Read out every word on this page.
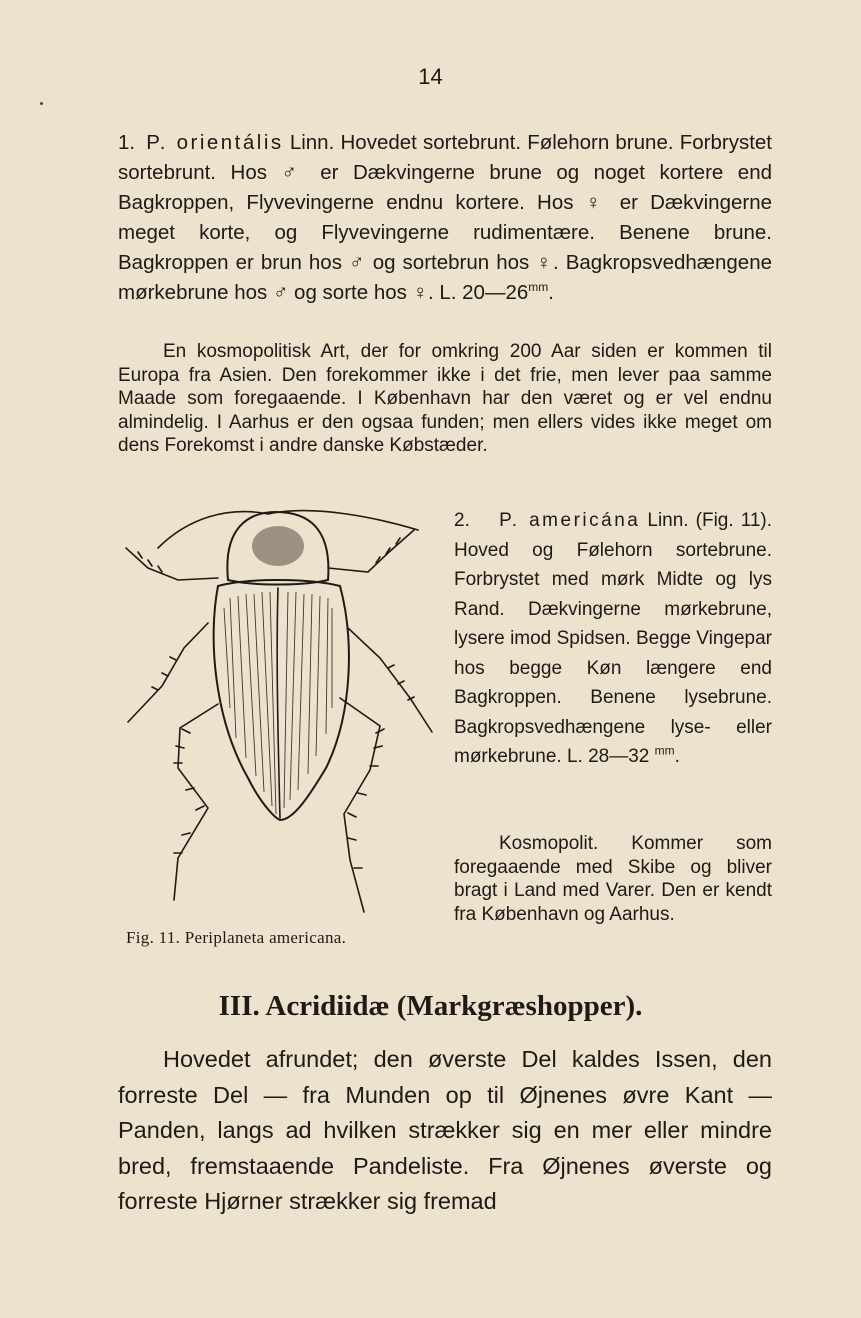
14
1. P. orientális Linn. Hovedet sortebrunt. Følehorn brune. Forbrystet sortebrunt. Hos ♂ er Dækvingerne brune og noget kortere end Bagkroppen, Flyvevingerne endnu kortere. Hos ♀ er Dækvingerne meget korte, og Flyvevingerne rudimentære. Benene brune. Bagkroppen er brun hos ♂ og sortebrun hos ♀. Bagkropsvedhængene mørkebrune hos ♂ og sorte hos ♀. L. $20—26^{mm}$.
En kosmopolitisk Art, der for omkring 200 Aar siden er kommen til Europa fra Asien. Den forekommer ikke i det frie, men lever paa samme Maade som foregaaende. I København har den været og er vel endnu almindelig. I Aarhus er den ogsaa funden; men ellers vides ikke meget om dens Forekomst i andre danske Købstæder.
Fig. 11. Periplaneta americana.
2. P. americána Linn. (Fig. 11). Hoved og Følehorn sortebrune. Forbrystet med mørk Midte og lys Rand. Dækvingerne mørkebrune, lysere imod Spidsen. Begge Vingepar hos begge Køn længere end Bagkroppen. Benene lysebrune. Bagkropsvedhængene lyse- eller mørkebrune. L. 28—32 $^{mm}$.
Kosmopolit. Kommer som foregaaende med Skibe og bliver bragt i Land med Varer. Den er kendt fra København og Aarhus.
III. Acridiidæ (Markgræshopper).
Hovedet afrundet; den øverste Del kaldes Issen, den forreste Del — fra Munden op til Øjnenes øvre Kant — Panden, langs ad hvilken strækker sig en mer eller mindre bred, fremstaaende Pandeliste. Fra Øjnenes øverste og forreste Hjørner strækker sig fremad
